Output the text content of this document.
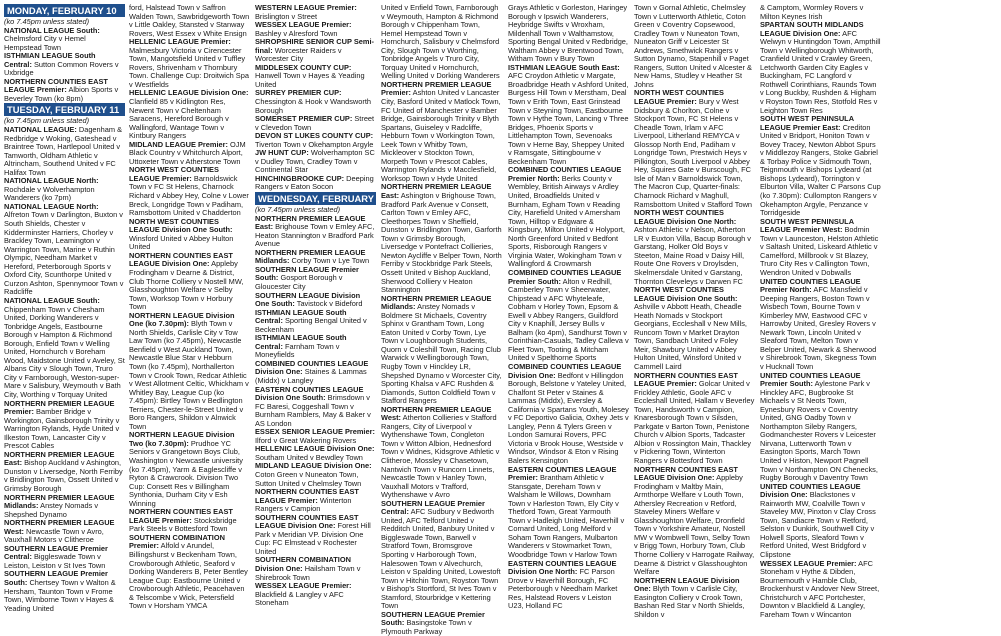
MONDAY, FEBRUARY 10

(ko 7.45pm unless stated)

NATIONAL LEAGUE South: Chelmsford City v Hemel Hempstead Town

ISTHMIAN LEAGUE South Central: Sutton Common Rovers v Uxbridge

NORTHERN COUNTIES EAST LEAGUE Premier: Albion Sports v Beverley Town (ko 8pm)

TUESDAY, FEBRUARY 11

(ko 7.45pm unless stated)

NATIONAL LEAGUE: Dagenham & Redbridge v Woking, Gateshead v Braintree Town, Hartlepool United v Tamworth, Oldham Athletic v Altrincham, Southend United v FC Halifax Town

NATIONAL LEAGUE North: Rochdale v Wolverhampton Wanderers (ko 7pm)

NATIONAL LEAGUE North: Alfreton Town v Darlington, Buxton v South Shields, Chester v Kidderminster Harriers, Chorley v Brackley Town, Leamington v Warrington Town, Marine v Ruthin Olympic, Needham Market v Hereford, Peterborough Sports v Oxford City, Scunthorpe United v Curzon Ashton, Spennymoor Town v Radcliffe

NATIONAL LEAGUE South: Chippenham Town v Chesham United, Dorking Wanderers v Tonbridge Angels, Eastbourne Borough v Hampton & Richmond Borough, Enfield Town v Welling United, Hornchurch v Boreham Wood, Maidstone United v Aveley, St Albans City v Slough Town, Truro City v Farnborough, Weston-super-Mare v Salisbury, Weymouth v Bath City, Worthing v Torquay United

NORTHERN PREMIER LEAGUE Premier: Bamber Bridge v Workington, Gainsborough Trinity v Warrington Rylands, Hyde United v Ilkeston Town, Lancaster City v Prescot Cables

NORTHERN PREMIER LEAGUE East: Bishop Auckland v Ashington, Dunston v Liversedge, North Ferriby v Bridlington Town, Ossett United v Grimsby Borough

NORTHERN PREMIER LEAGUE Midlands: Anstey Nomads v Shepshed Dynamo

NORTHERN PREMIER LEAGUE West: Newcastle Town v Avro, Vauxhall Motors v Clitheroe

SOUTHERN LEAGUE Premier Central: Biggleswade Town v Leiston, Leiston v St Ives Town

SOUTHERN LEAGUE Premier South: Chertsey Town v Walton & Hersham, Taunton Town v Frome Town, Wimborne Town v Hayes & Yeading United

ford, Halstead Town v Saffron Walden Town, Sawbridgeworth Town v Little Oakley, Stansted v Stanway Rovers, West Essex v White Ensign

HELLENIC LEAGUE Premier: Malmesbury Victoria v Cirencester Town, Mangotsfield United v Tuffley Rovers, Shrivenham v Thornbury Town. Challenge Cup: Droitwich Spa v Westfields

HELLENIC LEAGUE Division One: Clanfield 85 v Kidlington Res, Newent Town v Cheltenham Saracens, Hereford Borough v Wallingford, Wantage Town v Kintbury Rangers

MIDLAND LEAGUE Premier: OJM Black Country v Whitchurch Alport, Uttoxeter Town v Atherstone Town

NORTH WEST COUNTIES LEAGUE Premier: Barnoldswick Town v FC St Helens, Charnock Richard v Abbey Hey, Colne v Lower Breck, Longridge Town v Padiham, Ramsbottom United v Chadderton

NORTH WEST COUNTIES LEAGUE Division One South: Winsford United v Abbey Hulton United

NORTHERN COUNTIES EAST LEAGUE Division One: Appleby Frodingham v Dearne & District, Club Thorne Colliery v Nostell MW, Glasshoughton Welfare v Selby Town, Worksop Town v Horbury Town

NORTHERN LEAGUE Division One (ko 7.30pm): Blyth Town v North Shields, Carlisle City v Tow Law Town (ko 7.45pm), Newcastle Benfield v West Auckland Town, Newcastle Blue Star v Hebburn Town (ko 7.45pm), Northallerton Town v Crook Town, Redcar Athletic v West Allotment Celtic, Whickham v Whitley Bay, League Cup (ko 7.45pm): Birtley Town v Bedlington Terriers, Chester-le-Street United v Boro Rangers, Shildon v Alnwick Town

NORTHERN LEAGUE Division Two (ko 7.30pm): Prudhoe YC Seniors v Grangetown Boys Club, Washington v Newcastle university (ko 7.45pm), Yarm & Eaglescliffe v Ryton & Crawcrook. Division Two Cup: Consett Res v Billingham Synthonia, Durham City v Esh Winning

NORTHERN COUNTIES EAST LEAGUE Premier: Stocksbridge Park Steels v Bottesford Town

SOUTHERN COMBINATION Premier: Alfold v Arundel, Billingshurst v Beckenham Town, Crowborough Athletic, Seaford v Dorking Wanderers B, Peter Bentley League Cup: Eastbourne United v Crowborough Athletic, Peacehaven & Telscombe v Wick, Petersfield Town v Horsham YMCA

WESTERN LEAGUE Premier: Brislington v Street

WESSEX LEAGUE Premier: Bashley v Alresford Town

SHROPSHIRE SENIOR CUP Semi-final: Worcester Raiders v Worcester City

MIDDLESEX COUNTY CUP: Hanwell Town v Hayes & Yeading United

SURREY PREMIER CUP: Chessington & Hook v Wandsworth Borough

SOMERSET PREMIER CUP: Street v Clevedon Town

DEVON ST LUKES COUNTY CUP: Tiverton Town v Okehampton Argyle

JW HUNT CUP: Wolverhampton SC v Dudley Town, Cradley Town v Continental Star

HINCHINGBROOKE CUP: Deeping Rangers v Eaton Socon

WEDNESDAY, FEBRUARY 12

(ko 7.45pm unless stated)

NORTHERN PREMIER LEAGUE East: Brighouse Town v Emley AFC, Heaton Stannington v Bradford Park Avenue

NORTHERN PREMIER LEAGUE Midlands: Corby Town v Lye Town

SOUTHERN LEAGUE Premier South: Gosport Borough v Gloucester City

SOUTHERN LEAGUE Division One South: Tavistock v Bideford

ISTHMIAN LEAGUE South Central: Sporting Bengal United v Beckenham

ISTHMIAN LEAGUE South Central: Farnham Town v Moneyfields

COMBINED COUNTIES LEAGUE Division One: Staines & Lammas (Middx) v Langley

EASTERN COUNTIES LEAGUE Division One South: Brimsdown v FC Baresi, Coggeshall Town v Burnham Ramblers, May & Baker v AS London

ESSEX SENIOR LEAGUE Premier: Ilford v Great Wakering Rovers

HELLENIC LEAGUE Division One: Southam United v Bewdley Town

MIDLAND LEAGUE Division One: Coton Green v Nuneaton Town, Sutton United v Chelmsley Town

NORTHERN COUNTIES EAST LEAGUE Premier: Winterton Rangers v Campion

SOUTHERN COUNTIES EAST LEAGUE Division One: Forest Hill Park v Meridian VP. Division One Cup: FC Elmstead v Rochester United

SOUTHERN COMBINATION Division One: Hailsham Town v Shirebrook Town

WESSEX LEAGUE Premier: Blackfield & Langley v AFC Stoneham

United v Enfield Town, Farnborough v Weymouth, Hampton & Richmond Borough v Chippenham Town, Hemel Hempstead Town v Hornchurch, Salisbury v Chelmsford City, Slough Town v Worthing, Tonbridge Angels v Truro City, Torquay United v Hornchurch, Welling United v Dorking Wanderers

NORTHERN PREMIER LEAGUE Premier: Ashton United v Lancaster City, Basford United v Matlock Town, FC United of Manchester v Bamber Bridge, Gainsborough Trinity v Blyth Spartans, Guiseley v Radcliffe, Hebburn Town v Workington Town, Leek Town v Whitby Town, Mickleover v Stockton Town, Morpeth Town v Prescot Cables, Warrington Rylands v Macclesfield, Worksop Town v Hyde United

NORTHERN PREMIER LEAGUE East: Ashington v Brighouse Town, Bradford Park Avenue v Consett, Carlton Town v Emley AFC, Cleethorpes Town v Sheffield, Dunston v Bridlington Town, Garforth Town v Grimsby Borough, Liversedge v Pontefract Collieries, Newton Aycliffe v Belper Town, North Ferriby v Stockbridge Park Steels, Ossett United v Bishop Auckland, Sherwood Colliery v Heaton Stannington

NORTHERN PREMIER LEAGUE Midlands: Anstey Nomads v Boldmere St Michaels, Coventry Sphinx v Grantham Town, Long Eaton United v Corby Town, Lye Town v Loughborough Students, Quorn v Coleshill Town, Racing Club Warwick v Wellingborough Town, Rugby Town v Hinckley LR, Shepshed Dynamo v Worcester City, Sporting Khalsa v AFC Rushden & Diamonds, Sutton Coldfield Town v Stafford Rangers

NORTHERN PREMIER LEAGUE West: Atherton Collieries v Stafford Rangers, City of Liverpool v Wythenshawe Town, Congleton Town v Witton Albion, Hednesford Town v Widnes, Kidsgrove Athletic v Clitheroe, Mossley v Chasetown, Nantwich Town v Runcorn Linnets, Newcastle Town v Hanley Town, Vauxhall Motors v Trafford, Wythenshawe v Avro

SOUTHERN LEAGUE Premier Central: AFC Sudbury v Bedworth United, AFC Telford United v Redditch United, Banbury United v Biggleswade Town, Barwell v Stratford Town, Bromsgrove Sporting v Harborough Town, Halesowen Town v Alvechurch, Leiston v Spalding United, Lowestoft Town v Hitchin Town, Royston Town v Bishop's Stortford, St Ives Town v Stamford, Stourbridge v Kettering Town

SOUTHERN LEAGUE Premier South: Basingstoke Town v Plymouth Parkway

Grays Athletic v Gorleston, Haringey Borough v Ipswich Wanderers, Heybridge Swifts v Wroxham, Mildenhall Town v Walthamstow, Sporting Bengal United v Redbridge, Waltham Abbey v Brentwood Town, Witham Town v Bury Town

ISTHMIAN LEAGUE South East: AFC Croydon Athletic v Margate, Broadbridge Heath v Ashford United, Burgess Hill Town v Merstham, Deal Town v Erith Town, East Grinstead Town v Steyning Town, Eastbourne Town v Hythe Town, Lancing v Three Bridges, Phoenix Sports v Littlehampton Town, Sevenoaks Town v Herne Bay, Sheppey United v Ramsgate, Sittingbourne v Beckenham Town

COMBINED COUNTIES LEAGUE Premier North: Berks County v Wembley, British Airways v Ardley United, Broadfields United v Burnham, Egham Town v Reading City, Harefield United v Amersham Town, Hilltop v Edgware & Kingsbury, Milton United v Holyport, North Greenford United v Bedfont Sports, Risborough Rangers v Virginia Water, Wokingham Town v Wallingford & Crowmarsh

COMBINED COUNTIES LEAGUE Premier South: Alton v Redhill, Camberley Town v Sheerwater, Chipstead v AFC Whyteleafe, Cobham v Horley Town, Epsom & Ewell v Abbey Rangers, Guildford City v Knaphill, Jersey Bulls v Balham (ko 4pm), Sandhurst Town v Corinthian-Casuals, Tadley Calleva v Fleet Town, Tooting & Mitcham United v Spelthorne Sports

COMBINED COUNTIES LEAGUE Division One: Bedfont v Hillingdon Borough, Belstone v Yateley United, Chalfont St Peter v Staines & Lammas (Middx), Eversley & California v Spartans Youth, Molesey v FC Deportivo Galicia, Oxhey Jets v Langley, Penn & Tylers Green v London Samurai Rovers, PFC Victoria v Brook House, Westside v Windsor, Windsor & Eton v Rising Balers Kensington

EASTERN COUNTIES LEAGUE Premier: Brantham Athletic v Stansgate, Dereham Town v Walsham le Willows, Downham Town v Harleston Town, Ely City v Thetford Town, Great Yarmouth Town v Hadleigh United, Haverhill v Cornard United, Long Melford v Soham Town Rangers, Mulbarton Wanderers v Stowmarket Town, Woodbridge Town v Harlow Town

EASTERN COUNTIES LEAGUE Division One North: FC Parson Drove v Haverhill Borough, FC Peterborough v Needham Market Res, Halstead Rovers v Leiston U23, Holland FC

Town v Gornal Athletic, Chelmsley Town v Lutterworth Athletic, Coton Green v Coventry Copsewood, Cradley Town v Nuneaton Town, Nuneaton Griff v Leicester St Andrews, Smethwick Rangers v Sutton Dynamo, Stapenhill v Paget Rangers, Sutton United v Alcester & New Hams, Studley v Heather St Johns

NORTH WEST COUNTIES LEAGUE Premier: Bury v West Didsbury & Chorlton, Colne v Stockport Town, FC St Helens v Cheadle Town, Irlam v AFC Liverpool, Litherland REMYCA v Glossop North End, Padiham v Longridge Town, Prestwich Heys v Pilkington, South Liverpool v Abbey Hey, Squires Gate v Burscough, FC Isle of Man v Barnoldswick Town, The Macron Cup, Quarter-finals: Charnock Richard v Maghull, Ramsbottom United v Stafford Town

NORTH WEST COUNTIES LEAGUE Division One North: Ashton Athletic v Nelson, Atherton LR v Euxton Villa, Bacup Borough v Garstang, Holker Old Boys v Steeton, Maine Road v Daisy Hill, Route One Rovers v Droylsden, Skelmersdale United v Garstang, Thornton Cleveleys v Darwen FC

NORTH WEST COUNTIES LEAGUE Division One South: Ashville v Abbott Heath, Cheadle Heath Nomads v Stockport Georgians, Eccleshall v New Mills, Runcorn Town v Market Drayton Town, Sandbach United v Foley Meir, Shawbury United v Abbey Hulton United, Winsford United v Cammell Laird

NORTHERN COUNTIES EAST LEAGUE Premier: Golcar United v Frickley Athletic, Goole AFC v Eccleshall United, Hallam v Beverley Town, Handsworth v Campion, Knaresborough Town v Silsden, Parkgate v Barton Town, Penistone Church v Albion Sports, Tadcaster Albion v Rossington Main, Thackley v Pickering Town, Winterton Rangers v Bottesford Town

NORTHERN COUNTIES EAST LEAGUE Division One: Appleby Frodingham v Maltby Main, Armthorpe Welfare v Louth Town, Athersley Recreation v Retford, Staveley Miners Welfare v Glasshoughton Welfare, Dronfield Town v Yorkshire Amateur, Nostell MW v Wombwell Town, Selby Town v Brigg Town, Horbury Town, Club Thorne Colliery v Harrogate Railway, Dearne & District v Glasshoughton Welfare

NORTHERN LEAGUE Division One: Blyth Town v Carlisle City, Easington Colliery v Crook Town, Bashan Red Star v North Shields, Shildon v

& Camptom, Wormley Rovers v Milton Keynes Irish

SPARTAN SOUTH MIDLANDS LEAGUE Division One: AFC Welwyn v Huntingdon Town, Ampthill Town v Wellingborough Whitworth, Cranfield United v Crawley Green, Letchworth Garden City Eagles v Buckingham, FC Langford v Rothwell Corinthians, Raunds Town v Long Buckby, Rushden & Higham v Royston Town Res, Stotfold Res v Leighton Town Res

SOUTH WEST PENINSULA LEAGUE Premier East: Crediton United v Bridport, Honiton Town v Bovey Tracey, Newton Abbot Spurs v Middlezoy Rangers, Stoke Gabriel & Torbay Police v Sidmouth Town, Teignmouth v Bishops Lydeard (at Bishops Lydeard), Torrington v Elburton Villa, Walter C Parsons Cup (ko 7.30pm): Cullompton Rangers v Okehampton Argyle, Penzance v Torridgeside

SOUTH WEST PENINSULA LEAGUE Premier West: Bodmin Town v Launceston, Helston Athletic v Saltash United, Liskeard Athletic v Camelford, Millbrook v St Blazey, Truro City Res v Callington Town, Wendron United v Dobwalls

UNITED COUNTIES LEAGUE Premier North: AFC Mansfield v Deeping Rangers, Boston Town v Wisbech Town, Bourne Town v Kimberley MW, Eastwood CFC v Harrowby United, Gresley Rovers v Newark Town, Lincoln United v Sleaford Town, Melton Town v Belper United, Newark & Sherwood v Shirebrook Town, Skegness Town v Hucknall Town

UNITED COUNTIES LEAGUE Premier South: Aylestone Park v Hinckley AFC, Bugbrooke St Michaels v St Neots Town, Eynesbury Rovers v Coventry United, GNG Oadby Town v Northampton Sileby Rangers, Godmanchester Rovers v Leicester Nirvana, Lutterworth Town v Easington Sports, March Town United v Histon, Newport Pagnell Town v Northampton ON Chenecks, Rugby Borough v Daventry Town

UNITED COUNTIES LEAGUE Division One: Blackstones v Rainworth MW, Coalville Town v Staveley MW, Pinxton v Clay Cross Town, Sandiacre Town v Retford, Selston v Dunkirk, Southwell City v Holwell Sports, Sleaford Town v Retford United, West Bridgford v Clipstone

WESSEX LEAGUE Premier: AFC Stoneham v Hythe & Dibden, Bournemouth v Hamble Club, Brockenhurst v Andover New Street, Christchurch v AFC Portchester, Downton v Blackfield & Langley, Fareham Town v Wincanton
